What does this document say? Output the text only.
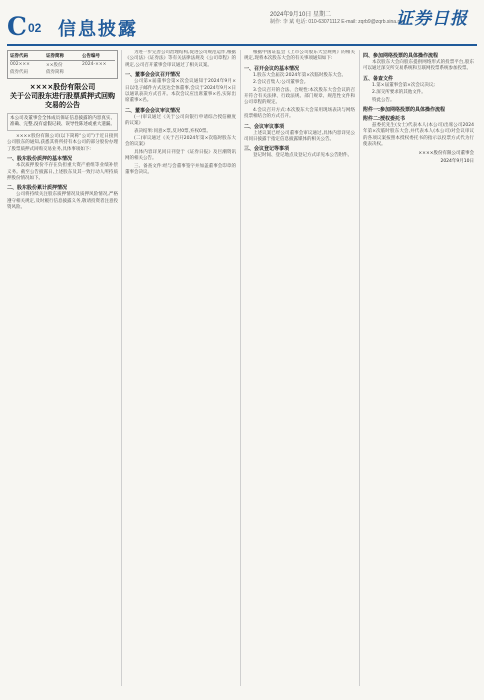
C 02 信息披露
2024年9月10日 星期二
制作: 李 斌 电话: 010-63071112 E-mail: zqrb9@zqrb.sina.net
证券日报
证券代码	证券简称	公告编号
002×××	××股份	2024-×××
债券代码	债券简称
××××股份有限公司
关于公司股东进行股票质押式回购交易的公告
本公司及董事会全体成员保证信息披露的内容真实、准确、完整,没有虚假记载、误导性陈述或重大遗漏。

××××股份有限公司(以下简称“公司”)于近日接到公司股东的通知,获悉其将所持有本公司的部分股份办理了股票质押式回购交易业务,具体事项如下:

一、股东股份质押的基本情况

本次质押股份不存在负担重大资产重组等业绩补偿义务。截至公告披露日,上述股东及其一致行动人所持质押股份情况如下。

二、股东股份累计质押情况

公司将持续关注股东质押情况及质押风险情况,严格遵守相关规定,及时履行信息披露义务,敬请投资者注意投资风险。

为进一步完善公司治理结构,促进公司规范运作,根据《公司法》《证券法》等有关法律法规及《公司章程》的规定,公司召开董事会审议通过了相关议案。

一、董事会会议召开情况

公司第×届董事会第×次会议通知于2024年9月×日以电子邮件方式送达全体董事,会议于2024年9月×日以通讯表决方式召开。本次会议应出席董事×名,实际出席董事×名。

二、董事会会议审议情况

(一)审议通过《关于公司向银行申请综合授信额度的议案》

表决结果:同意×票,反对0票,弃权0票。

(二)审议通过《关于召开2024年第×次临时股东大会的议案》

具体内容详见同日刊登于《证券日报》及巨潮资讯网的相关公告。

三、备查文件:经与会董事签字并加盖董事会印章的董事会决议。

根据中国证监会《上市公司股东大会规则》的相关规定,现将本次股东大会的有关事项通知如下:

一、召开会议的基本情况

1.股东大会届次:2024年第×次临时股东大会。

2.会议召集人:公司董事会。

3.会议召开的合法、合规性:本次股东大会会议的召开符合有关法律、行政法规、部门规章、规范性文件和公司章程的规定。

4.会议召开方式:本次股东大会采用现场表决与网络投票相结合的方式召开。

二、会议审议事项

上述议案已经公司董事会审议通过,具体内容详见公司同日披露于指定信息披露媒体的相关公告。

三、会议登记等事项

登记时间、登记地点及登记方式详见本公告附件。

四、参加网络投票的具体操作流程

本次股东大会向股东提供网络形式的投票平台,股东可以通过深交所交易系统和互联网投票系统参加投票。

五、备查文件

1.第×届董事会第×次会议决议;

2.深交所要求的其他文件。

特此公告。

附件一:参加网络投票的具体操作流程
附件二:授权委托书

兹委托先生(女士)代表本人(本公司)出席公司2024年第×次临时股东大会,并代表本人(本公司)对会议审议的各项议案按照本授权委托书的指示以投票方式代为行使表决权。

××××股份有限公司董事会
2024年9月10日
